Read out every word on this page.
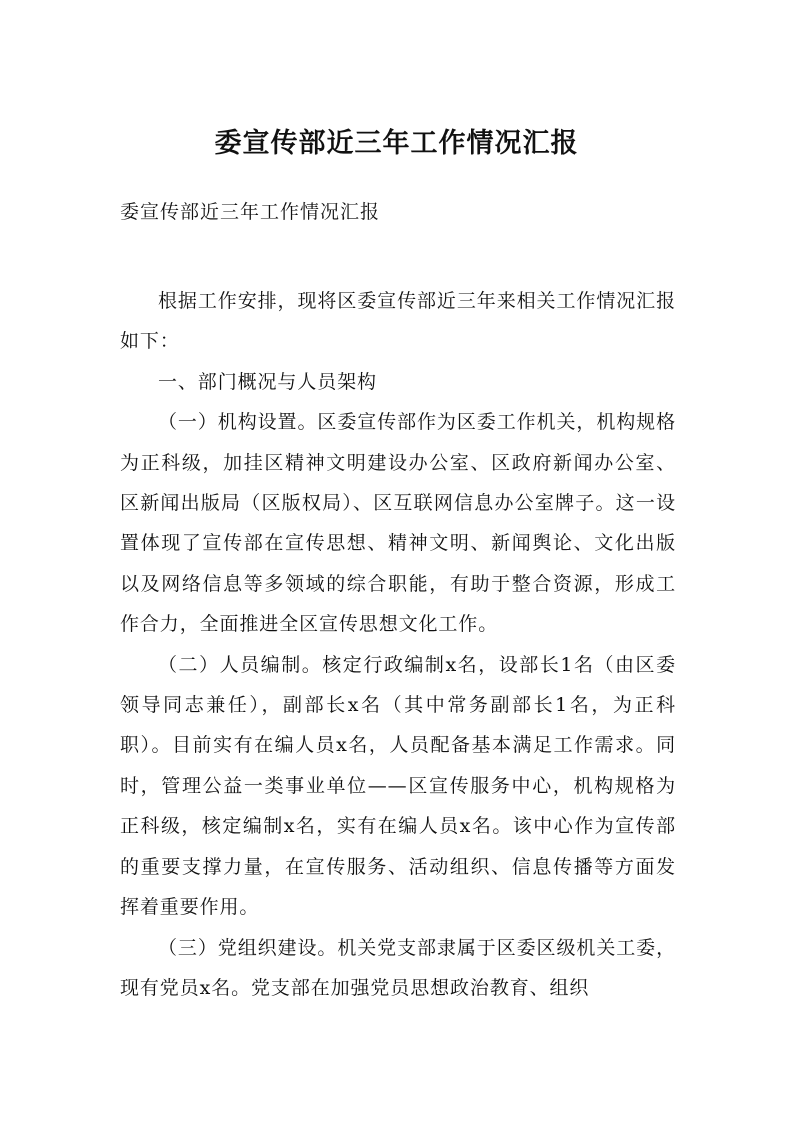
委宣传部近三年工作情况汇报

委宣传部近三年工作情况汇报

根据工作安排，现将区委宣传部近三年来相关工作情况汇报如下：

一、部门概况与人员架构

（一）机构设置。区委宣传部作为区委工作机关，机构规格为正科级，加挂区精神文明建设办公室、区政府新闻办公室、区新闻出版局（区版权局）、区互联网信息办公室牌子。这一设置体现了宣传部在宣传思想、精神文明、新闻舆论、文化出版以及网络信息等多领域的综合职能，有助于整合资源，形成工作合力，全面推进全区宣传思想文化工作。

（二）人员编制。核定行政编制x名，设部长1名（由区委领导同志兼任），副部长x名（其中常务副部长1名，为正科职）。目前实有在编人员x名，人员配备基本满足工作需求。同时，管理公益一类事业单位——区宣传服务中心，机构规格为正科级，核定编制x名，实有在编人员x名。该中心作为宣传部的重要支撑力量，在宣传服务、活动组织、信息传播等方面发挥着重要作用。

（三）党组织建设。机关党支部隶属于区委区级机关工委，现有党员x名。党支部在加强党员思想政治教育、组织
